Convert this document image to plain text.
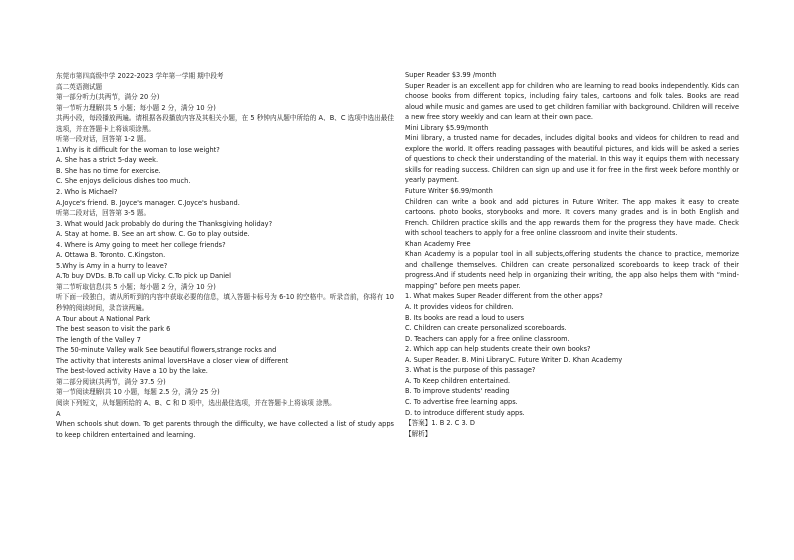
东莞市第四高级中学 2022-2023 学年第一学期 期中段考
高二英语测试题
第一部分听力(共两节，满分 20 分)
第一节听力理解(共 5 小题；每小题 2 分，满分 10 分)
共两小段，每段播放两遍。请根据各段播放内容及其相关小题，在 5 秒钟内从题中所给的 A、B、C 选项中选出最佳选项，并在答题卡上将该项涂黑。
听第一段对话，回答第 1-2 题。
1.Why is it difficult for the woman to lose weight?
A. She has a strict 5-day week.
B. She has no time for exercise.
C. She enjoys delicious dishes too much.
2. Who is Michael?
A.Joyce's friend. B. Joyce's manager. C.Joyce's husband.
听第二段对话，回答第 3-5 题。
3. What would Jack probably do during the Thanksgiving holiday?
A. Stay at home. B. See an art show. C. Go to play outside.
4. Where is Amy going to meet her college friends?
A. Ottawa B. Toronto. C.Kingston.
5.Why is Amy in a hurry to leave?
A.To buy DVDs. B.To call up Vicky. C.To pick up Daniel
第二节听取信息(共 5 小题；每小题 2 分，满分 10 分)
听下面一段独白，请从所听到的内容中获取必要的信息，填入答题卡标号为 6-10 的空格中。听录音前，你将有 10 秒钟的阅读时间，录音读两遍。
A Tour about A National Park
The best season to visit the park 6
The length of the Valley 7
The 50-minute Valley walk See beautiful flowers,strange rocks and
The activity that interests animal loversHave a closer view of different
The best-loved activity Have a 10 by the lake.
第二部分阅读(共两节，满分 37.5 分)
第一节阅读理解(共 10 小题，每题 2.5 分，满分 25 分)
阅读下列短文，从每题所给的 A、B、C 和 D 项中，选出最佳选项，并在答题卡上将该项 涂黑。
A
When schools shut down. To get parents through the difficulty, we have collected a list of study apps to keep children entertained and learning.
Super Reader $3.99 /month
Super Reader is an excellent app for children who are learning to read books independently. Kids can choose books from different topics, including fairy tales, cartoons and folk tales. Books are read aloud while music and games are used to get children familiar with background. Children will receive a new free story weekly and can learn at their own pace.
Mini Library $5.99/month
Mini library, a trusted name for decades, includes digital books and videos for children to read and explore the world. It offers reading passages with beautiful pictures, and kids will be asked a series of questions to check their understanding of the material. In this way it equips them with necessary skills for reading success. Children can sign up and use it for free in the first week before monthly or yearly payment.
Future Writer $6.99/month
Children can write a book and add pictures in Future Writer. The app makes it easy to create cartoons. photo books, storybooks and more. It covers many grades and is in both English and French. Children practice skills and the app rewards them for the progress they have made. Check with school teachers to apply for a free online classroom and invite their students.
Khan Academy Free
Khan Academy is a popular tool in all subjects,offering students the chance to practice, memorize and challenge themselves. Children can create personalized scoreboards to keep track of their progress.And if students need help in organizing their writing, the app also helps them with “mind-mapping” before pen meets paper.
1. What makes Super Reader different from the other apps?
A. It provides videos for children.
B. Its books are read a loud to users
C. Children can create personalized scoreboards.
D. Teachers can apply for a free online classroom.
2. Which app can help students create their own books?
A. Super Reader. B. Mini LibraryC. Future Writer D. Khan Academy
3. What is the purpose of this passage?
A. To Keep children entertained.
B. To improve students' reading
C. To advertise free learning apps.
D. to introduce different study apps.
【答案】1. B 2. C 3. D
【解析】
